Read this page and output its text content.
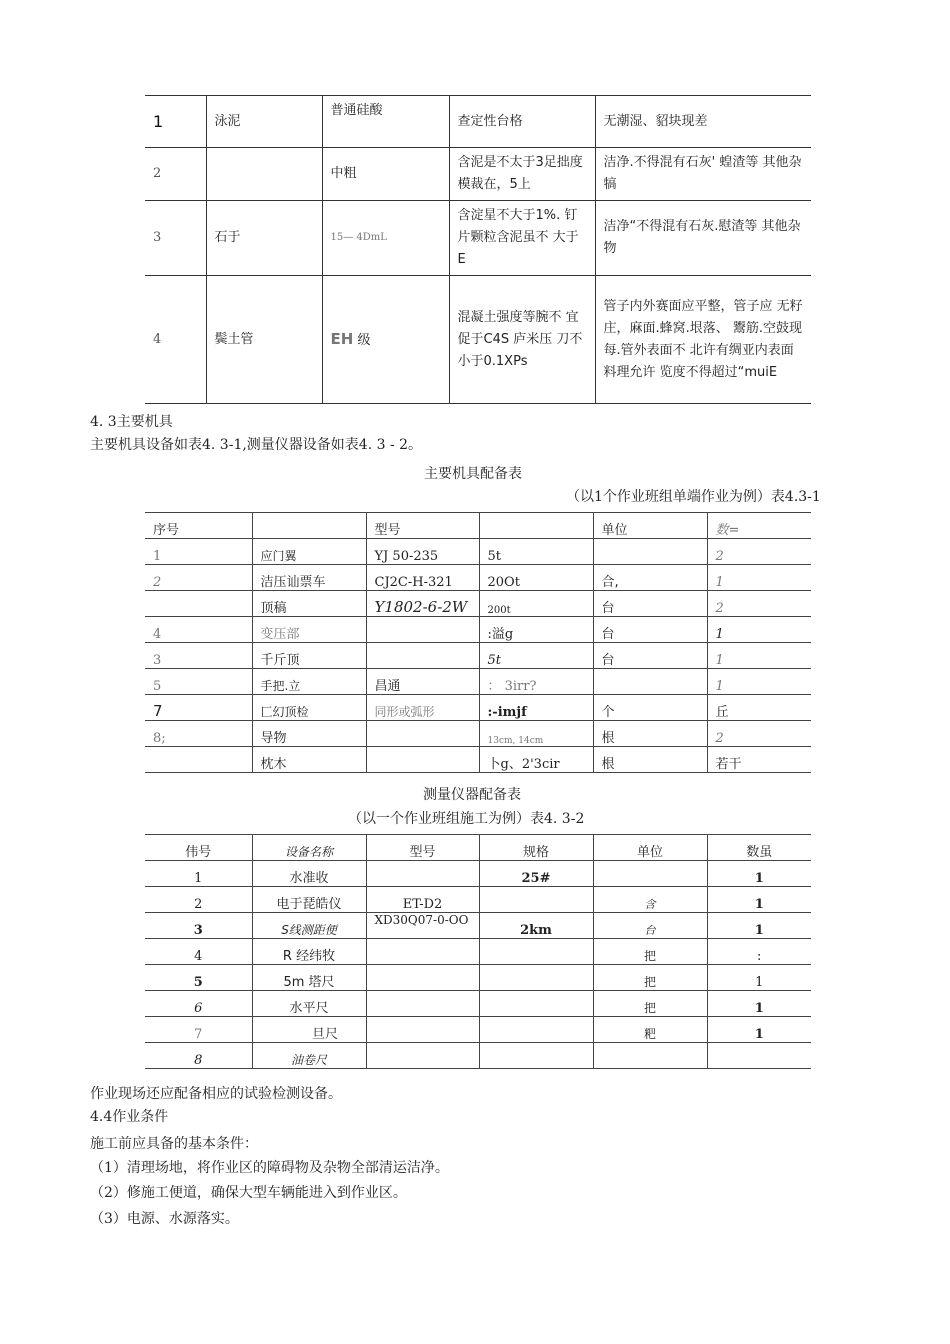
1	泳泥	普通硅酸	查定性台格	无潮湿、貂块现差
2		中粗	含泥是不太于3足拙度模裁在，5上	洁净.不得混有石灰' 蝗渣等 其他杂犒
3	石于	15— 4DmL	含淀星不大于1%. 钉片颗粒含泥虽不 大于E	洁净“不得混有石灰.慰渣等 其他杂物
4	鬓土管	EH 级	混凝土强度等腕不 宜促于C4S 庐米压 刀不小于0.1XPs	管子内外赛面应平整，管子应 无籽庄，麻面.蜂窝.垠落、 鬻筋.空鼓现每.管外表面不 北许有绸亚内表面料理允许 览度不得超过“muiE
4. 3主要机具
主要机具设备如表4. 3-1,测量仪器设备如表4. 3 - 2。
主要机具配备表
（以1个作业班组单端作业为例）表4.3-1
序号		型号		单位	数=
1	应门翼	YJ 50-235	5t		2
2	洁压讪票车	CJ2C-H-321	20Ot	合,	1
	顶稿	Y1802-6-2W	200t	台	2
4	变压部		:溢g	台	1
3	千斤顶		5t	台	1
5	手把.立	昌通	： 3irr?		1
7	匚幻顶检	同形或弧形	:-imjf	个	丘
8;	导物		13cm, 14cm	根	2
	枕木		卜g、2'3cir	根	若干
测量仪器配备表
（以一个作业班组施工为例）表4. 3-2
伟号	设备名称	型号	规格	单位	数虽
1	水准收		25#		1
2	电于琵皓仪	ET-D2		含	1
3	S线测距便	XD30Q07-0-OO	2km	台	1
4	R 经纬牧			把	:
5	5m 塔尺			把	1
6	水平尺			把	1
7	旦尺			粑	1
8	油卷尺				
作业现场还应配备相应的试验检测设备。
4.4作业条件
施工前应具备的基本条件：
（1）清理场地，将作业区的障碍物及杂物全部清运洁净。
（2）修施工便道，确保大型车辆能进入到作业区。
（3）电源、水源落实。
